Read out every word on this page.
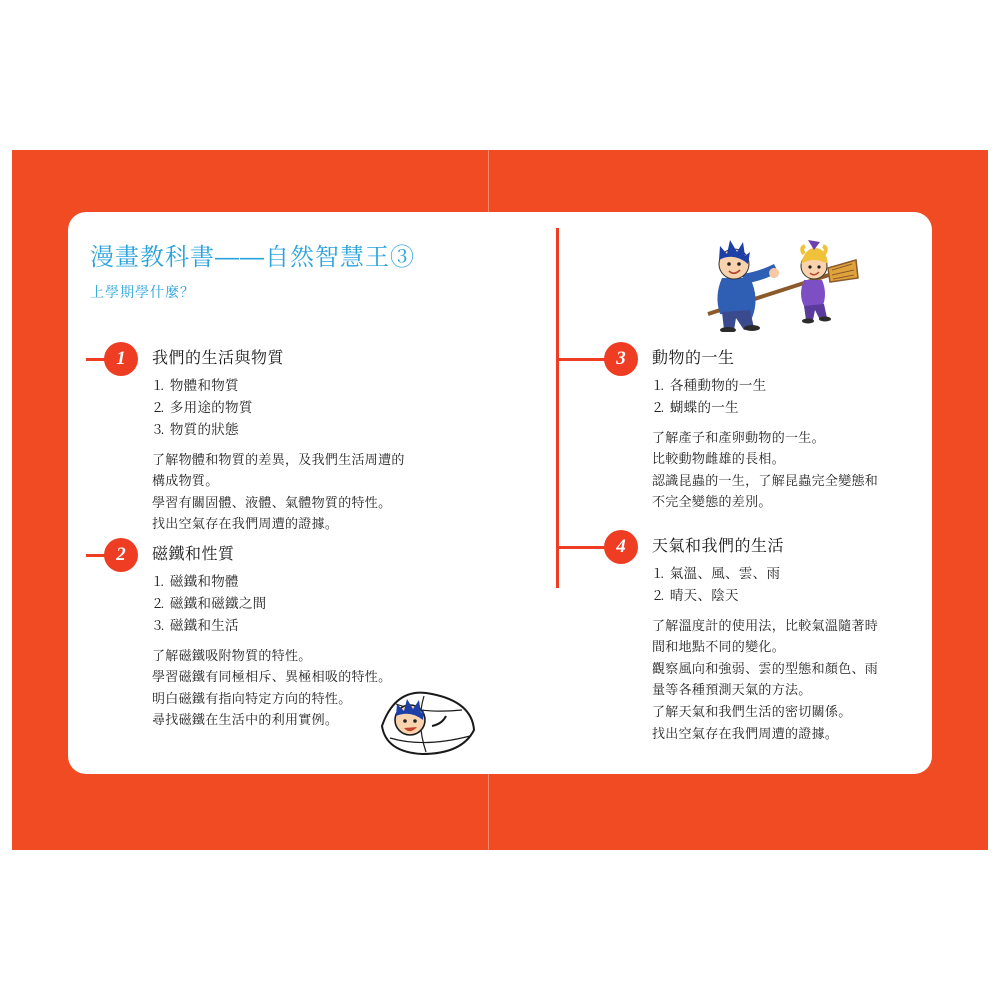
漫畫教科書——自然智慧王③
上學期學什麼？
1	我們的生活與物質
⒈ 物體和物質
⒉ 多用途的物質
⒊ 物質的狀態

了解物體和物質的差異，及我們生活周遭的

構成物質。

學習有關固體、液體、氣體物質的特性。

找出空氣存在我們周遭的證據。

2	磁鐵和性質
⒈ 磁鐵和物體
⒉ 磁鐵和磁鐵之間
⒊ 磁鐵和生活

了解磁鐵吸附物質的特性。

學習磁鐵有同極相斥、異極相吸的特性。

明白磁鐵有指向特定方向的特性。

尋找磁鐵在生活中的利用實例。

3	動物的一生
⒈ 各種動物的一生
⒉ 蝴蝶的一生

了解產子和產卵動物的一生。

比較動物雌雄的長相。

認識昆蟲的一生，了解昆蟲完全變態和

不完全變態的差別。

4	天氣和我們的生活
⒈ 氣溫、風、雲、雨
⒉ 晴天、陰天

了解溫度計的使用法，比較氣溫隨著時

間和地點不同的變化。

觀察風向和強弱、雲的型態和顏色、雨

量等各種預測天氣的方法。

了解天氣和我們生活的密切關係。

找出空氣存在我們周遭的證據。
